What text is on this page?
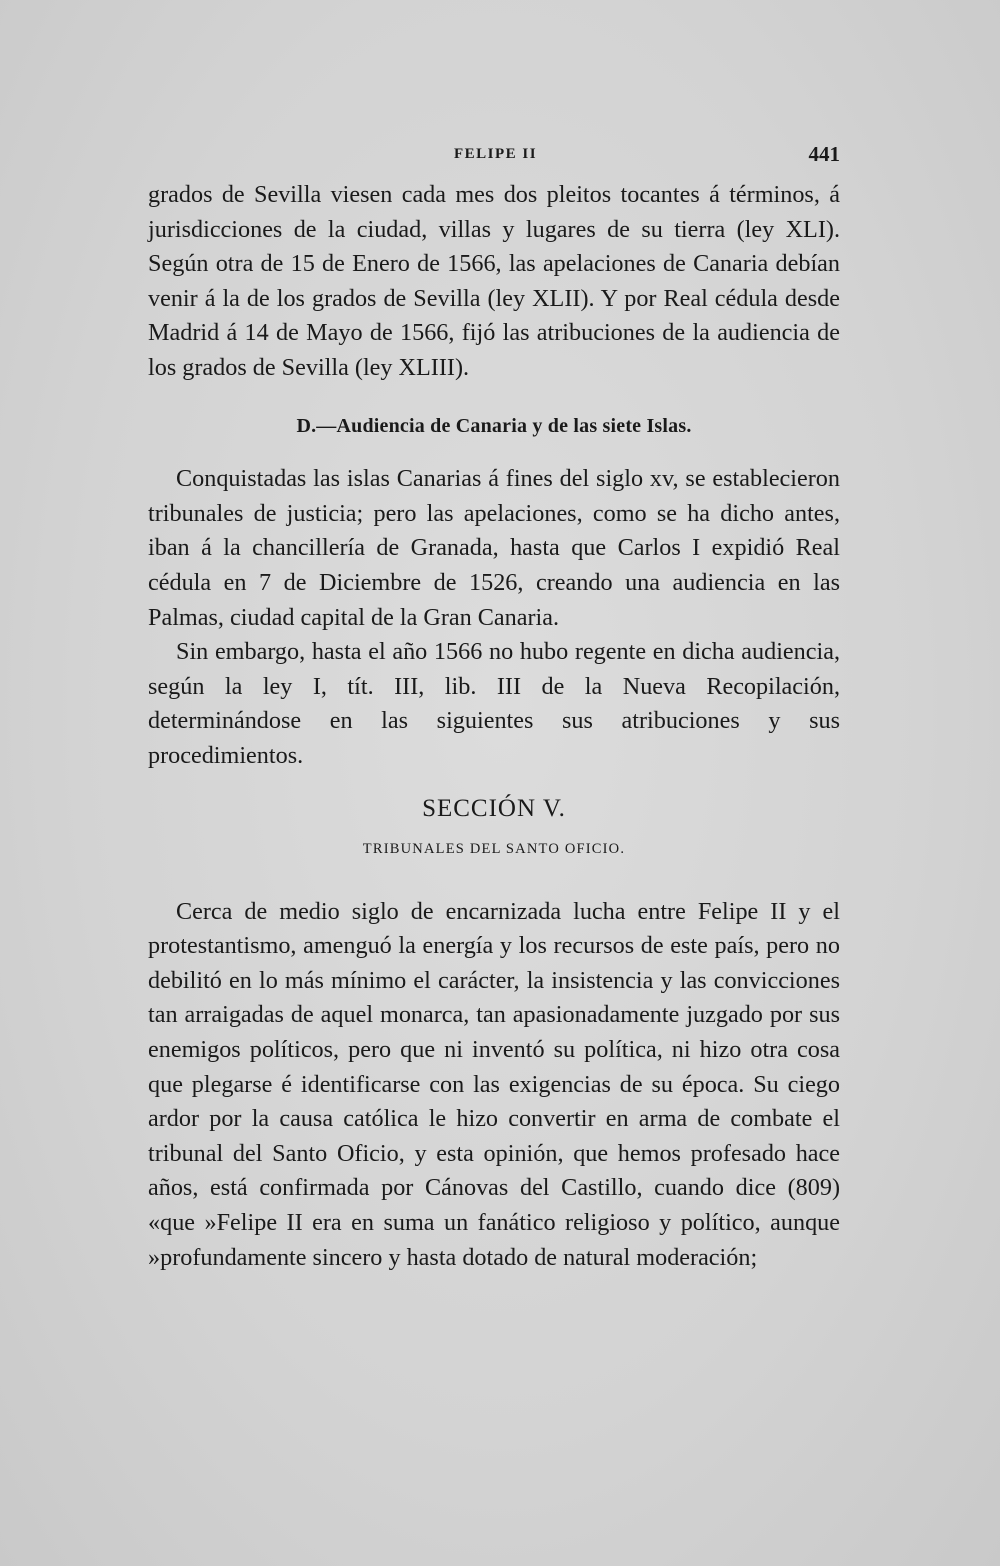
FELIPE II	441

grados de Sevilla viesen cada mes dos pleitos tocantes á términos, á jurisdicciones de la ciudad, villas y lugares de su tierra (ley XLI). Según otra de 15 de Enero de 1566, las apelaciones de Canaria debían venir á la de los grados de Sevilla (ley XLII). Y por Real cédula desde Madrid á 14 de Mayo de 1566, fijó las atribuciones de la audiencia de los grados de Sevilla (ley XLIII).

D.—Audiencia de Canaria y de las siete Islas.

Conquistadas las islas Canarias á fines del siglo xv, se establecieron tribunales de justicia; pero las apelaciones, como se ha dicho antes, iban á la chancillería de Granada, hasta que Carlos I expidió Real cédula en 7 de Diciembre de 1526, creando una audiencia en las Palmas, ciudad capital de la Gran Canaria.

Sin embargo, hasta el año 1566 no hubo regente en dicha audiencia, según la ley I, tít. III, lib. III de la Nueva Recopilación, determinándose en las siguientes sus atribuciones y sus procedimientos.

SECCIÓN V.

TRIBUNALES DEL SANTO OFICIO.

Cerca de medio siglo de encarnizada lucha entre Felipe II y el protestantismo, amenguó la energía y los recursos de este país, pero no debilitó en lo más mínimo el carácter, la insistencia y las convicciones tan arraigadas de aquel monarca, tan apasionadamente juzgado por sus enemigos políticos, pero que ni inventó su política, ni hizo otra cosa que plegarse é identificarse con las exigencias de su época. Su ciego ardor por la causa católica le hizo convertir en arma de combate el tribunal del Santo Oficio, y esta opinión, que hemos profesado hace años, está confirmada por Cánovas del Castillo, cuando dice (809) «que »Felipe II era en suma un fanático religioso y político, aunque »profundamente sincero y hasta dotado de natural moderación;
